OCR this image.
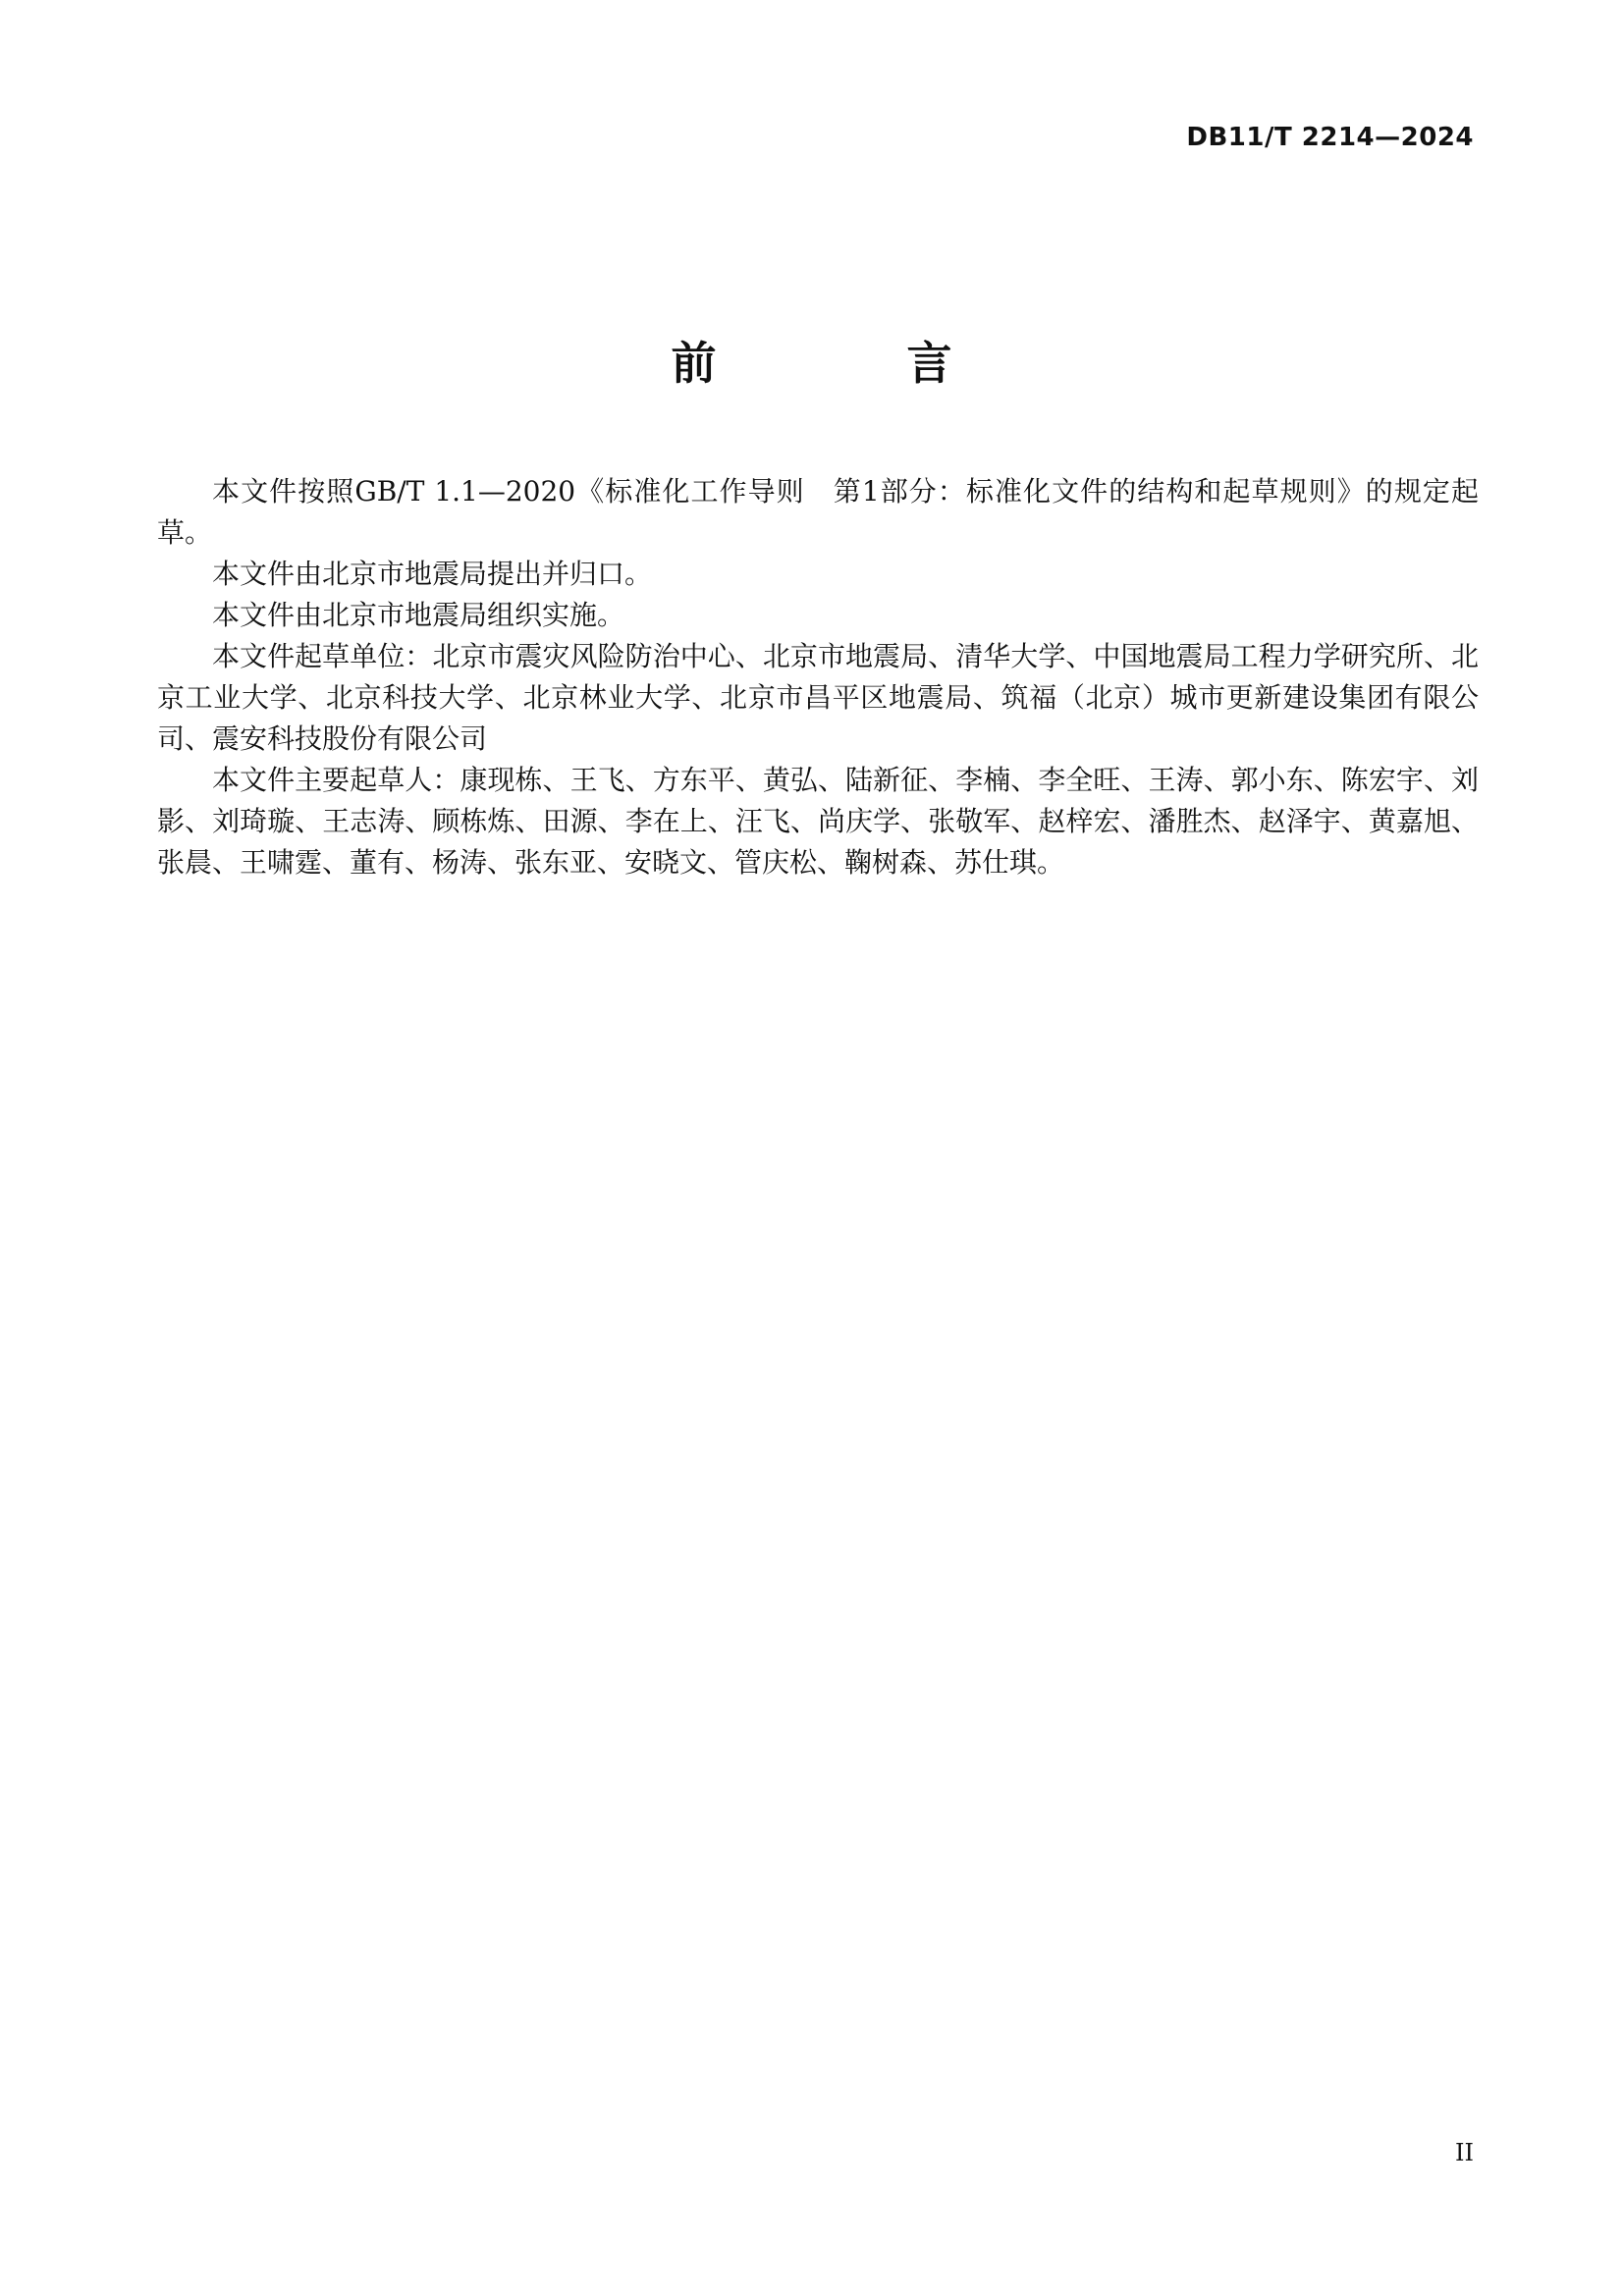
DB11/T 2214—2024
前　言

本文件按照GB/T 1.1—2020《标准化工作导则　第1部分：标准化文件的结构和起草规则》的规定起草。

本文件由北京市地震局提出并归口。

本文件由北京市地震局组织实施。

本文件起草单位：北京市震灾风险防治中心、北京市地震局、清华大学、中国地震局工程力学研究所、北京工业大学、北京科技大学、北京林业大学、北京市昌平区地震局、筑福（北京）城市更新建设集团有限公司、震安科技股份有限公司

本文件主要起草人：康现栋、王飞、方东平、黄弘、陆新征、李楠、李全旺、王涛、郭小东、陈宏宇、刘影、刘琦璇、王志涛、顾栋炼、田源、李在上、汪飞、尚庆学、张敬军、赵梓宏、潘胜杰、赵泽宇、黄嘉旭、张晨、王啸霆、董有、杨涛、张东亚、安晓文、管庆松、鞠树森、苏仕琪。

II
